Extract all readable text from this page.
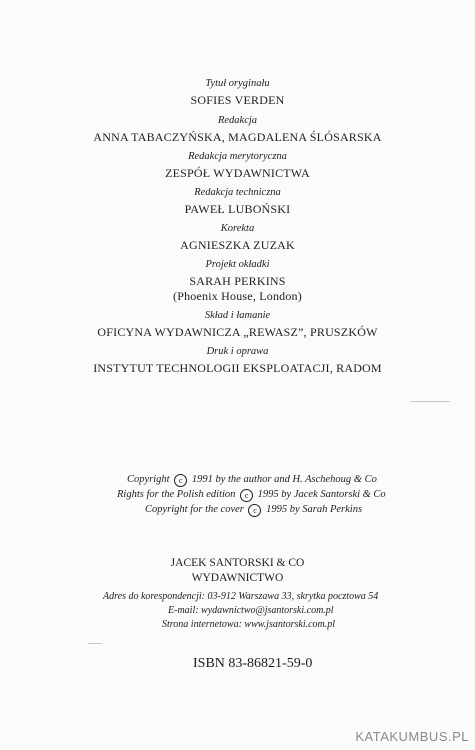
Tytuł oryginału
SOFIES VERDEN
Redakcja
ANNA TABACZYŃSKA, MAGDALENA ŚLÓSARSKA
Redakcja merytoryczna
ZESPÓŁ WYDAWNICTWA
Redakcja techniczna
PAWEŁ LUBOŃSKI
Korekta
AGNIESZKA ZUZAK
Projekt okładki
SARAH PERKINS
(Phoenix House, London)
Skład i łamanie
OFICYNA WYDAWNICZA „REWASZ”, PRUSZKÓW
Druk i oprawa
INSTYTUT TECHNOLOGII EKSPLOATACJI, RADOM
Copyright c 1991 by the author and H. Aschehoug & Co
Rights for the Polish edition c 1995 by Jacek Santorski & Co
Copyright for the cover c 1995 by Sarah Perkins
JACEK SANTORSKI & CO
WYDAWNICTWO
Adres do korespondencji: 03-912 Warszawa 33, skrytka pocztowa 54
E-mail: wydawnictwo@jsantorski.com.pl
Strona internetowa: www.jsantorski.com.pl
ISBN 83-86821-59-0
KATAKUMBUS.PL
